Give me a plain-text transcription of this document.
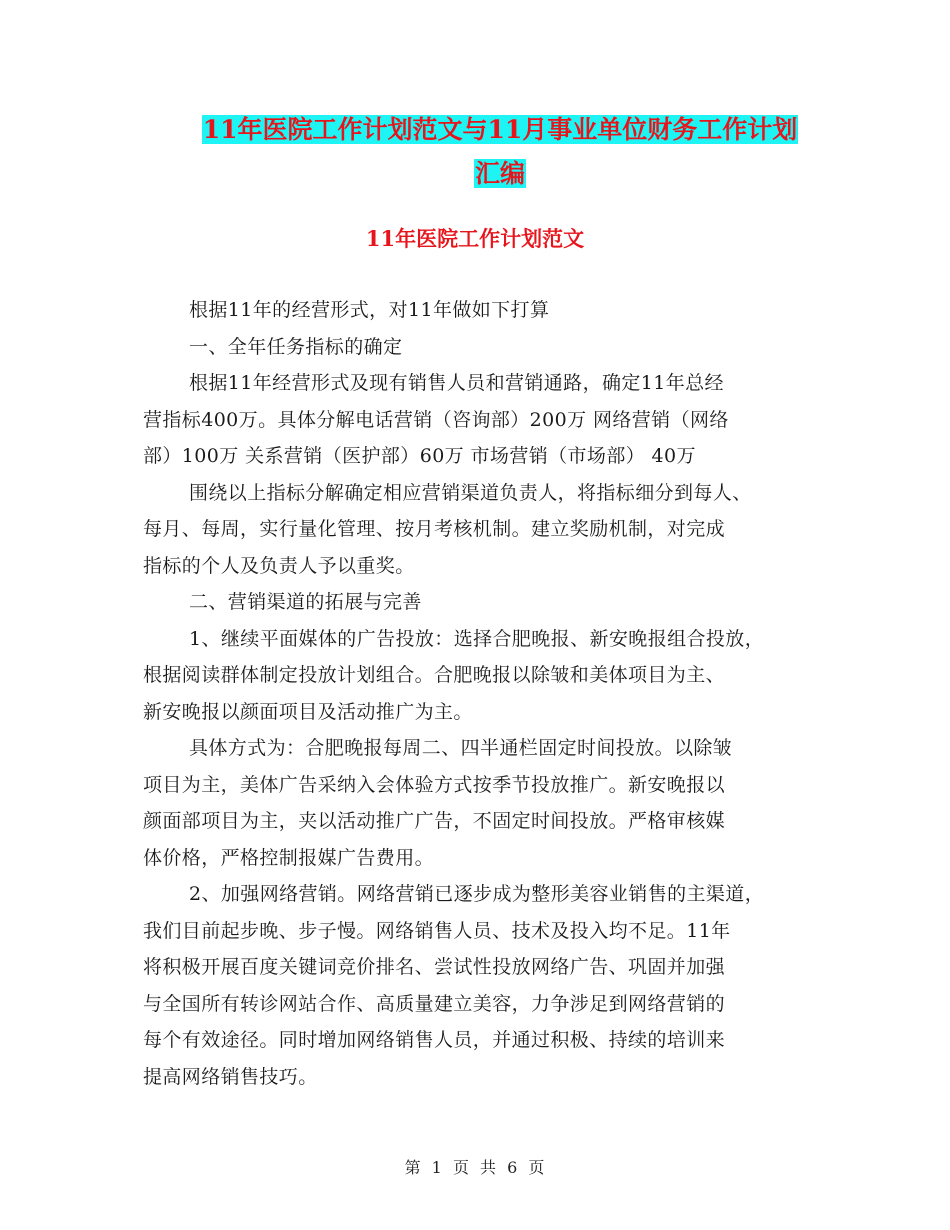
11年医院工作计划范文与11月事业单位财务工作计划
汇编
11年医院工作计划范文

根据11年的经营形式，对11年做如下打算

一、全年任务指标的确定

根据11年经营形式及现有销售人员和营销通路，确定11年总经

营指标400万。具体分解电话营销（咨询部）200万 网络营销（网络

部）100万 关系营销（医护部）60万 市场营销（市场部） 40万

围绕以上指标分解确定相应营销渠道负责人，将指标细分到每人、

每月、每周，实行量化管理、按月考核机制。建立奖励机制，对完成

指标的个人及负责人予以重奖。

二、营销渠道的拓展与完善

1、继续平面媒体的广告投放：选择合肥晚报、新安晚报组合投放，

根据阅读群体制定投放计划组合。合肥晚报以除皱和美体项目为主、

新安晚报以颜面项目及活动推广为主。

具体方式为：合肥晚报每周二、四半通栏固定时间投放。以除皱

项目为主，美体广告采纳入会体验方式按季节投放推广。新安晚报以

颜面部项目为主，夹以活动推广广告，不固定时间投放。严格审核媒

体价格，严格控制报媒广告费用。

2、加强网络营销。网络营销已逐步成为整形美容业销售的主渠道，

我们目前起步晚、步子慢。网络销售人员、技术及投入均不足。11年

将积极开展百度关键词竞价排名、尝试性投放网络广告、巩固并加强

与全国所有转诊网站合作、高质量建立美容，力争涉足到网络营销的

每个有效途径。同时增加网络销售人员，并通过积极、持续的培训来

提高网络销售技巧。

第 1 页 共 6 页
